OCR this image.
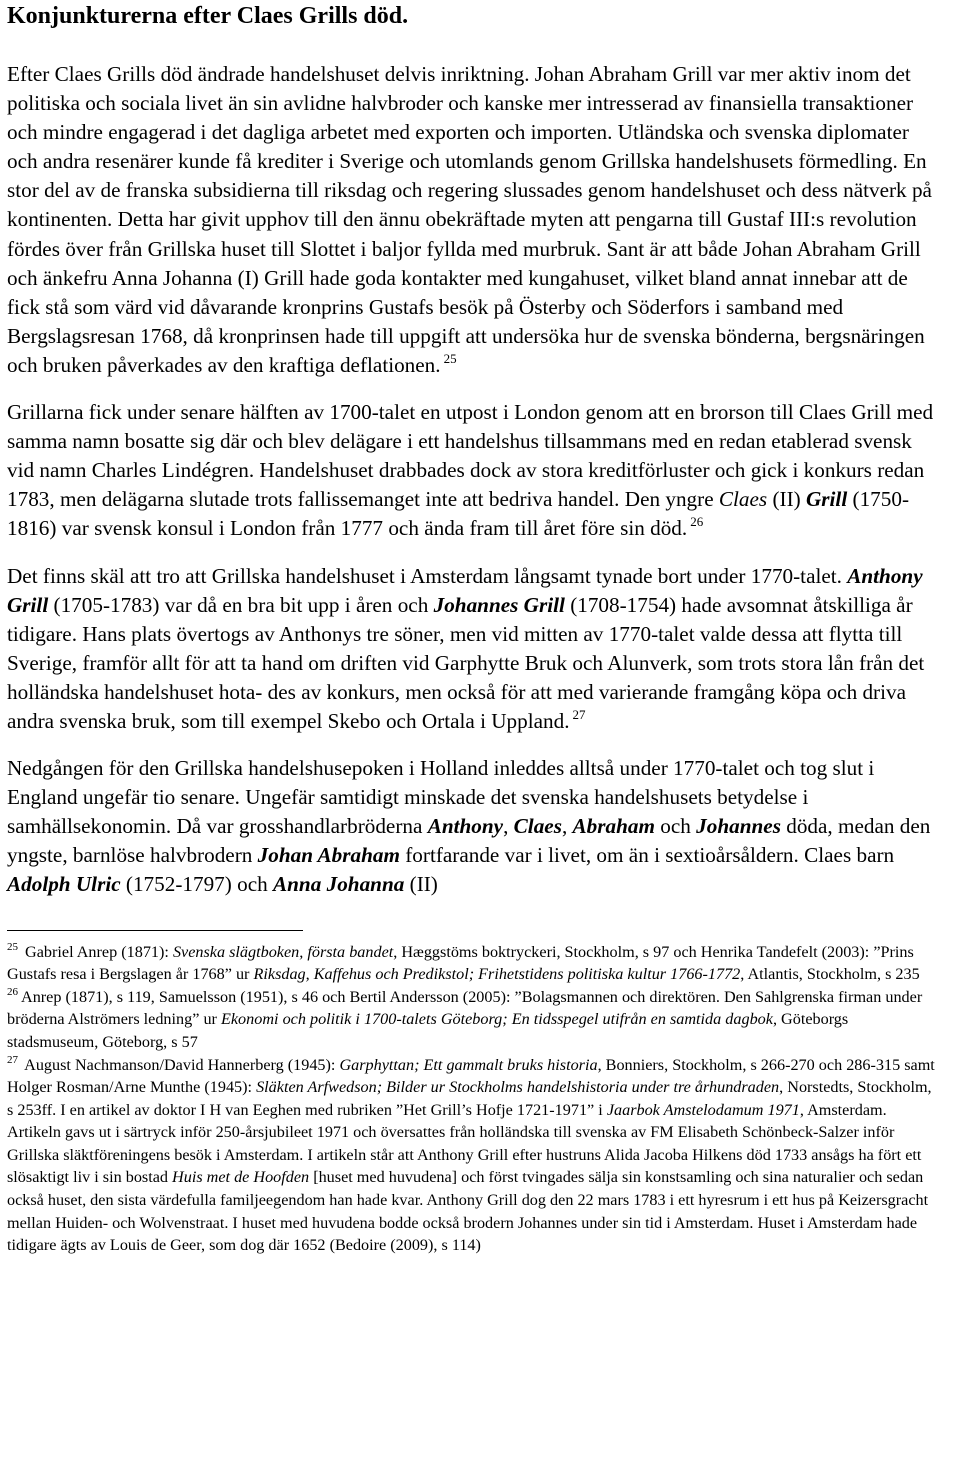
Konjunkturerna efter Claes Grills död.

Efter Claes Grills död ändrade handelshuset delvis inriktning. Johan Abraham Grill var mer aktiv inom det politiska och sociala livet än sin avlidne halvbroder och kanske mer intresserad av finansiella transaktioner och mindre engagerad i det dagliga arbetet med exporten och importen. Utländska och svenska diplomater och andra resenärer kunde få krediter i Sverige och utomlands genom Grillska handelshusets förmedling. En stor del av de franska subsidierna till riksdag och regering slussades genom handelshuset och dess nätverk på kontinenten. Detta har givit upphov till den ännu obekräftade myten att pengarna till Gustaf III:s revolution fördes över från Grillska huset till Slottet i baljor fyllda med murbruk. Sant är att både Johan Abraham Grill och änkefru Anna Johanna (I) Grill hade goda kontakter med kungahuset, vilket bland annat innebar att de fick stå som värd vid dåvarande kronprins Gustafs besök på Österby och Söderfors i samband med Bergslagsresan 1768, då kronprinsen hade till uppgift att undersöka hur de svenska bönderna, bergsnäringen och bruken påverkades av den kraftiga deflationen. $^{25}$

Grillarna fick under senare hälften av 1700-talet en utpost i London genom att en brorson till Claes Grill med samma namn bosatte sig där och blev delägare i ett handelshus tillsammans med en redan etablerad svensk vid namn Charles Lindégren. Handelshuset drabbades dock av stora kreditförluster och gick i konkurs redan 1783, men delägarna slutade trots fallissemanget inte att bedriva handel. Den yngre Claes (II) Grill (1750-1816) var svensk konsul i London från 1777 och ända fram till året före sin död. $^{26}$

Det finns skäl att tro att Grillska handelshuset i Amsterdam långsamt tynade bort under 1770-talet. Anthony Grill (1705-1783) var då en bra bit upp i åren och Johannes Grill (1708-1754) hade avsomnat åtskilliga år tidigare. Hans plats övertogs av Anthonys tre söner, men vid mitten av 1770-talet valde dessa att flytta till Sverige, framför allt för att ta hand om driften vid Garphytte Bruk och Alunverk, som trots stora lån från det holländska handelshuset hota- des av konkurs, men också för att med varierande framgång köpa och driva andra svenska bruk, som till exempel Skebo och Ortala i Uppland. $^{27}$

Nedgången för den Grillska handelshusepoken i Holland inleddes alltså under 1770-talet och tog slut i England ungefär tio senare. Ungefär samtidigt minskade det svenska handelshusets betydelse i samhällsekonomin. Då var grosshandlarbröderna Anthony, Claes, Abraham och Johannes döda, medan den yngste, barnlöse halvbrodern Johan Abraham fortfarande var i livet, om än i sextioårsåldern. Claes barn Adolph Ulric (1752-1797) och Anna Johanna (II)

$^{25}$ Gabriel Anrep (1871): Svenska slägtboken, första bandet, Hæggstöms boktryckeri, Stockholm, s 97 och Henrika Tandefelt (2003): ”Prins Gustafs resa i Bergslagen år 1768” ur Riksdag, Kaffehus och Predikstol; Frihetstidens politiska kultur 1766-1772, Atlantis, Stockholm, s 235

$^{26}$ Anrep (1871), s 119, Samuelsson (1951), s 46 och Bertil Andersson (2005): ”Bolagsmannen och direktören. Den Sahlgrenska firman under bröderna Alströmers ledning” ur Ekonomi och politik i 1700-talets Göteborg; En tidsspegel utifrån en samtida dagbok, Göteborgs stadsmuseum, Göteborg, s 57

$^{27}$ August Nachmanson/David Hannerberg (1945): Garphyttan; Ett gammalt bruks historia, Bonniers, Stockholm, s 266-270 och 286-315 samt Holger Rosman/Arne Munthe (1945): Släkten Arfwedson; Bilder ur Stockholms handelshistoria under tre århundraden, Norstedts, Stockholm, s 253ff. I en artikel av doktor I H van Eeghen med rubriken ”Het Grill’s Hofje 1721-1971” i Jaarbok Amstelodamum 1971, Amsterdam. Artikeln gavs ut i särtryck inför 250-årsjubileet 1971 och översattes från holländska till svenska av FM Elisabeth Schönbeck-Salzer inför Grillska släktföreningens besök i Amsterdam. I artikeln står att Anthony Grill efter hustruns Alida Jacoba Hilkens död 1733 ansågs ha fört ett slösaktigt liv i sin bostad Huis met de Hoofden [huset med huvudena] och först tvingades sälja sin konstsamling och sina naturalier och sedan också huset, den sista värdefulla familjeegendom han hade kvar. Anthony Grill dog den 22 mars 1783 i ett hyresrum i ett hus på Keizersgracht mellan Huiden- och Wolvenstraat. I huset med huvudena bodde också brodern Johannes under sin tid i Amsterdam. Huset i Amsterdam hade tidigare ägts av Louis de Geer, som dog där 1652 (Bedoire (2009), s 114)
